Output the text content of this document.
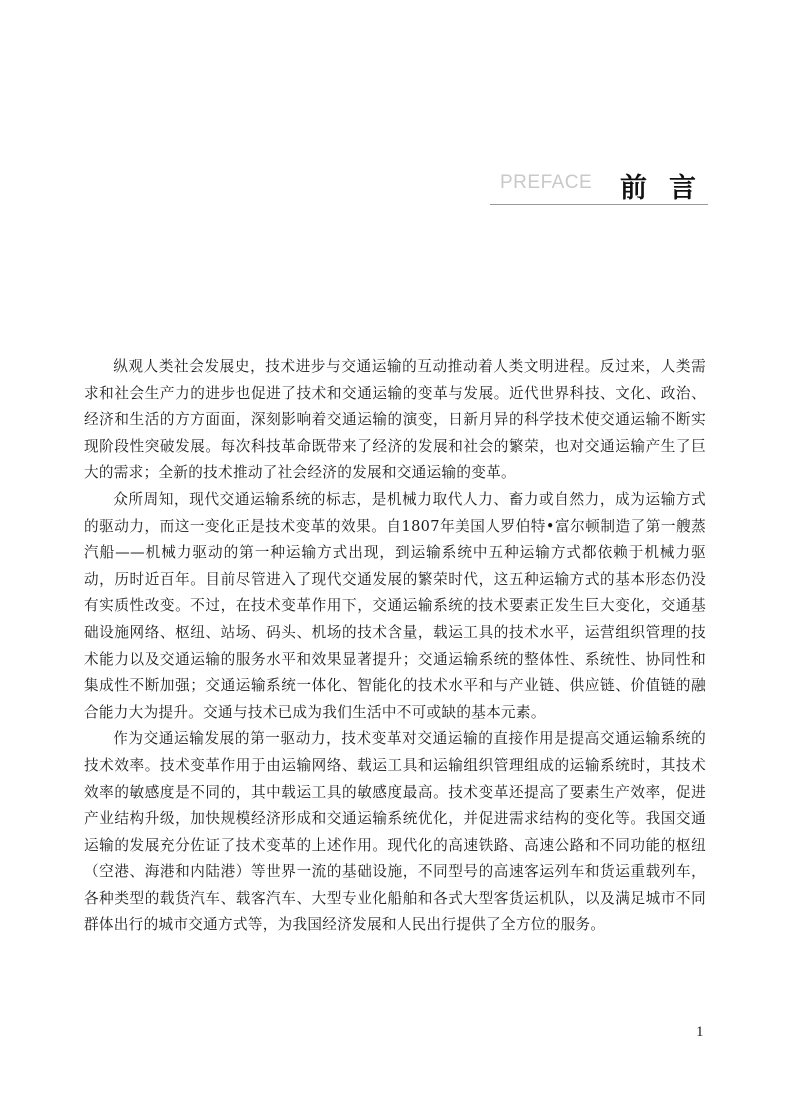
PREFACE 前言

纵观人类社会发展史，技术进步与交通运输的互动推动着人类文明进程。反过来，人类需求和社会生产力的进步也促进了技术和交通运输的变革与发展。近代世界科技、文化、政治、经济和生活的方方面面，深刻影响着交通运输的演变，日新月异的科学技术使交通运输不断实现阶段性突破发展。每次科技革命既带来了经济的发展和社会的繁荣，也对交通运输产生了巨大的需求；全新的技术推动了社会经济的发展和交通运输的变革。

众所周知，现代交通运输系统的标志，是机械力取代人力、畜力或自然力，成为运输方式的驱动力，而这一变化正是技术变革的效果。自1807年美国人罗伯特•富尔顿制造了第一艘蒸汽船——机械力驱动的第一种运输方式出现，到运输系统中五种运输方式都依赖于机械力驱动，历时近百年。目前尽管进入了现代交通发展的繁荣时代，这五种运输方式的基本形态仍没有实质性改变。不过，在技术变革作用下，交通运输系统的技术要素正发生巨大变化，交通基础设施网络、枢纽、站场、码头、机场的技术含量，载运工具的技术水平，运营组织管理的技术能力以及交通运输的服务水平和效果显著提升；交通运输系统的整体性、系统性、协同性和集成性不断加强；交通运输系统一体化、智能化的技术水平和与产业链、供应链、价值链的融合能力大为提升。交通与技术已成为我们生活中不可或缺的基本元素。

作为交通运输发展的第一驱动力，技术变革对交通运输的直接作用是提高交通运输系统的技术效率。技术变革作用于由运输网络、载运工具和运输组织管理组成的运输系统时，其技术效率的敏感度是不同的，其中载运工具的敏感度最高。技术变革还提高了要素生产效率，促进产业结构升级，加快规模经济形成和交通运输系统优化，并促进需求结构的变化等。我国交通运输的发展充分佐证了技术变革的上述作用。现代化的高速铁路、高速公路和不同功能的枢纽（空港、海港和内陆港）等世界一流的基础设施，不同型号的高速客运列车和货运重载列车，各种类型的载货汽车、载客汽车、大型专业化船舶和各式大型客货运机队，以及满足城市不同群体出行的城市交通方式等，为我国经济发展和人民出行提供了全方位的服务。

1
